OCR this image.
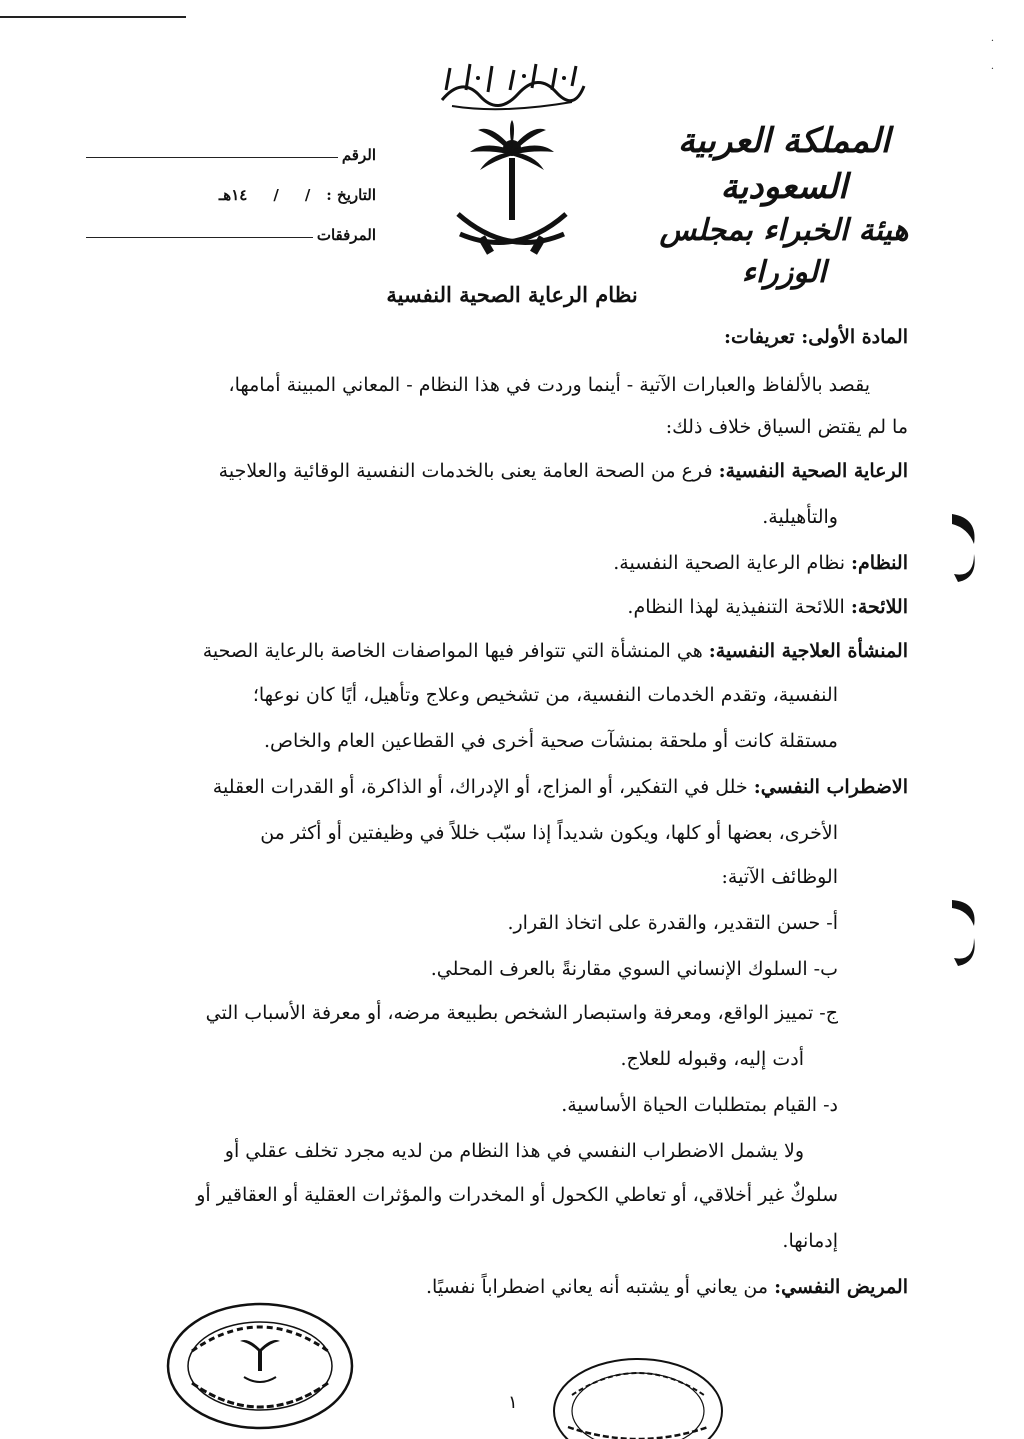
·
·
المملكة العربية السعودية
هيئة الخبراء بمجلس الوزراء
الرقم
التاريخ :
/
/
١٤هـ
المرفقات
نظام الرعاية الصحية النفسية
المادة الأولى: تعريفات:
يقصد بالألفاظ والعبارات الآتية - أينما وردت في هذا النظام - المعاني المبينة أمامها،
ما لم يقتض السياق خلاف ذلك:
الرعاية الصحية النفسية: فرع من الصحة العامة يعنى بالخدمات النفسية الوقائية والعلاجية
والتأهيلية.
النظام: نظام الرعاية الصحية النفسية.
اللائحة: اللائحة التنفيذية لهذا النظام.
المنشأة العلاجية النفسية: هي المنشأة التي تتوافر فيها المواصفات الخاصة بالرعاية الصحية
النفسية، وتقدم الخدمات النفسية، من تشخيص وعلاج وتأهيل، أيًا كان نوعها؛
مستقلة كانت أو ملحقة بمنشآت صحية أخرى في القطاعين العام والخاص.
الاضطراب النفسي: خلل في التفكير، أو المزاج، أو الإدراك، أو الذاكرة، أو القدرات العقلية
الأخرى، بعضها أو كلها، ويكون شديداً إذا سبّب خللاً في وظيفتين أو أكثر من
الوظائف الآتية:
أ- حسن التقدير، والقدرة على اتخاذ القرار.
ب- السلوك الإنساني السوي مقارنةً بالعرف المحلي.
ج- تمييز الواقع، ومعرفة واستبصار الشخص بطبيعة مرضه، أو معرفة الأسباب التي
أدت إليه، وقبوله للعلاج.
د- القيام بمتطلبات الحياة الأساسية.
ولا يشمل الاضطراب النفسي في هذا النظام من لديه مجرد تخلف عقلي أو
سلوكٌ غير أخلاقي، أو تعاطي الكحول أو المخدرات والمؤثرات العقلية أو العقاقير أو
إدمانها.
المريض النفسي: من يعاني أو يشتبه أنه يعاني اضطراباً نفسيًا.
١
